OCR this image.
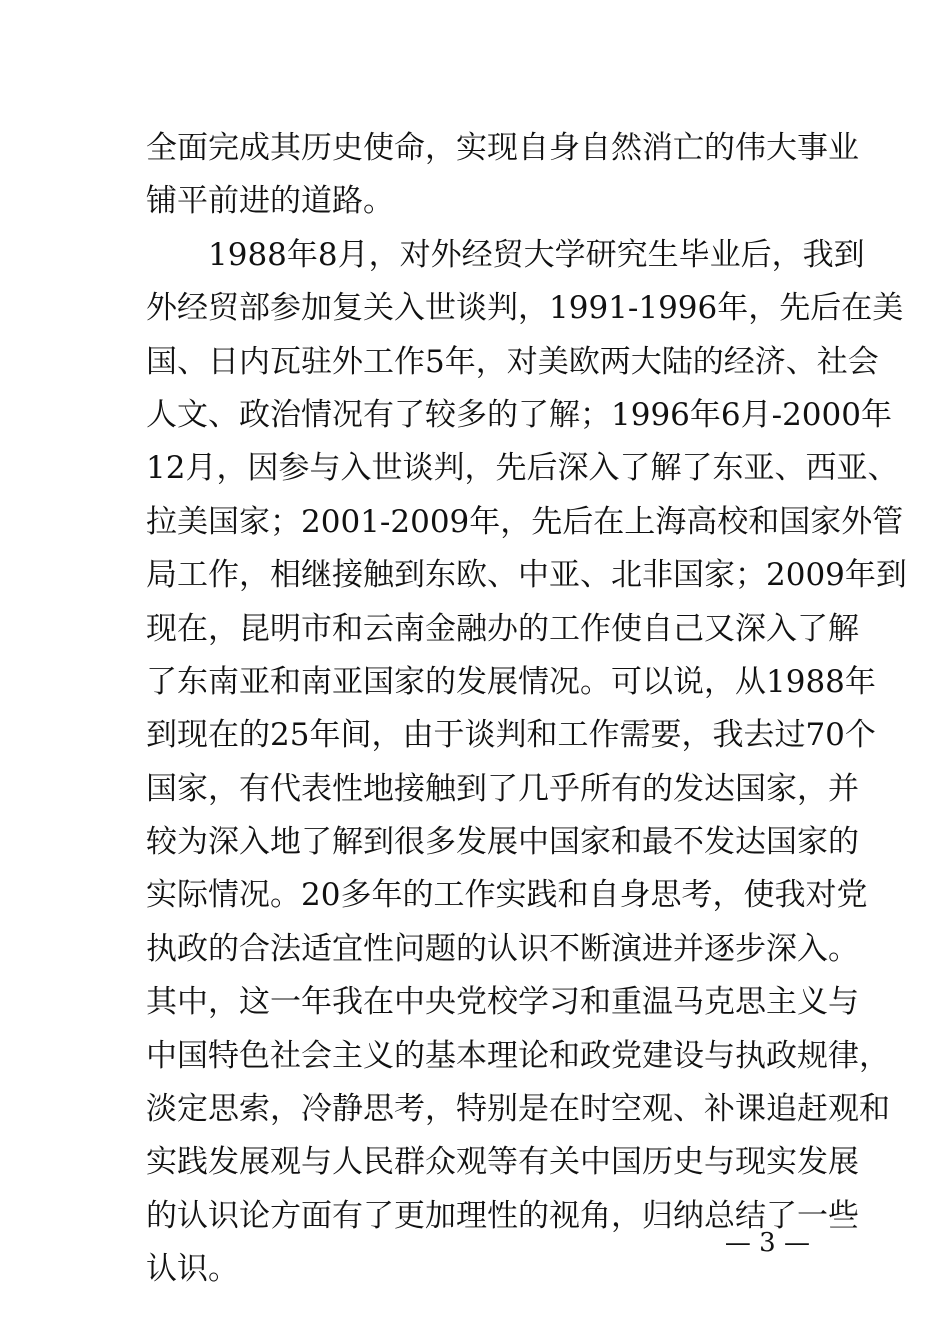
全面完成其历史使命，实现自身自然消亡的伟大事业
铺平前进的道路。
1988年8月，对外经贸大学研究生毕业后，我到
外经贸部参加复关入世谈判，1991-1996年，先后在美
国、日内瓦驻外工作5年，对美欧两大陆的经济、社会
人文、政治情况有了较多的了解；1996年6月-2000年
12月，因参与入世谈判，先后深入了解了东亚、西亚、
拉美国家；2001-2009年，先后在上海高校和国家外管
局工作，相继接触到东欧、中亚、北非国家；2009年到
现在，昆明市和云南金融办的工作使自己又深入了解
了东南亚和南亚国家的发展情况。可以说，从1988年
到现在的25年间，由于谈判和工作需要，我去过70个
国家，有代表性地接触到了几乎所有的发达国家，并
较为深入地了解到很多发展中国家和最不发达国家的
实际情况。20多年的工作实践和自身思考，使我对党
执政的合法适宜性问题的认识不断演进并逐步深入。
其中，这一年我在中央党校学习和重温马克思主义与
中国特色社会主义的基本理论和政党建设与执政规律，
淡定思索，冷静思考，特别是在时空观、补课追赶观和
实践发展观与人民群众观等有关中国历史与现实发展
的认识论方面有了更加理性的视角，归纳总结了一些
认识。
— 3 —
